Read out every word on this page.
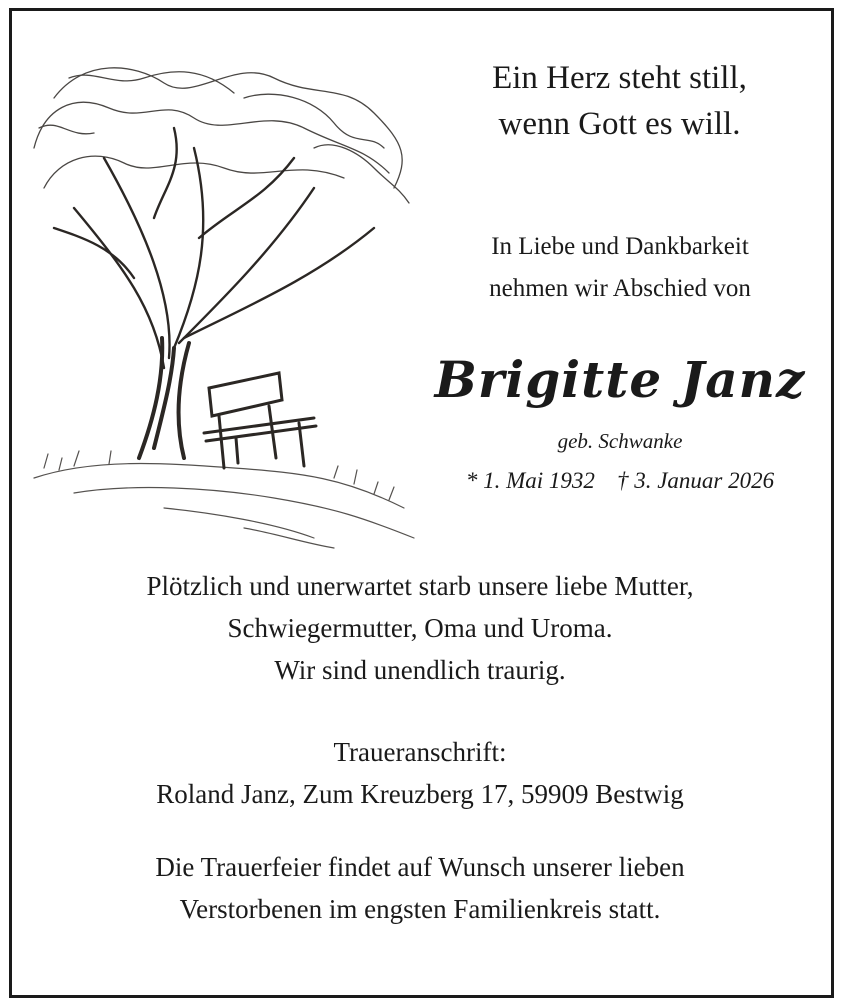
Ein Herz steht still,
wenn Gott es will.
In Liebe und Dankbarkeit
nehmen wir Abschied von
Brigitte Janz
geb. Schwanke
* 1. Mai 1932 † 3. Januar 2026
Plötzlich und unerwartet starb unsere liebe Mutter,
Schwiegermutter, Oma und Uroma.
Wir sind unendlich traurig.
Traueranschrift:
Roland Janz, Zum Kreuzberg 17, 59909 Bestwig
Die Trauerfeier findet auf Wunsch unserer lieben
Verstorbenen im engsten Familienkreis statt.
